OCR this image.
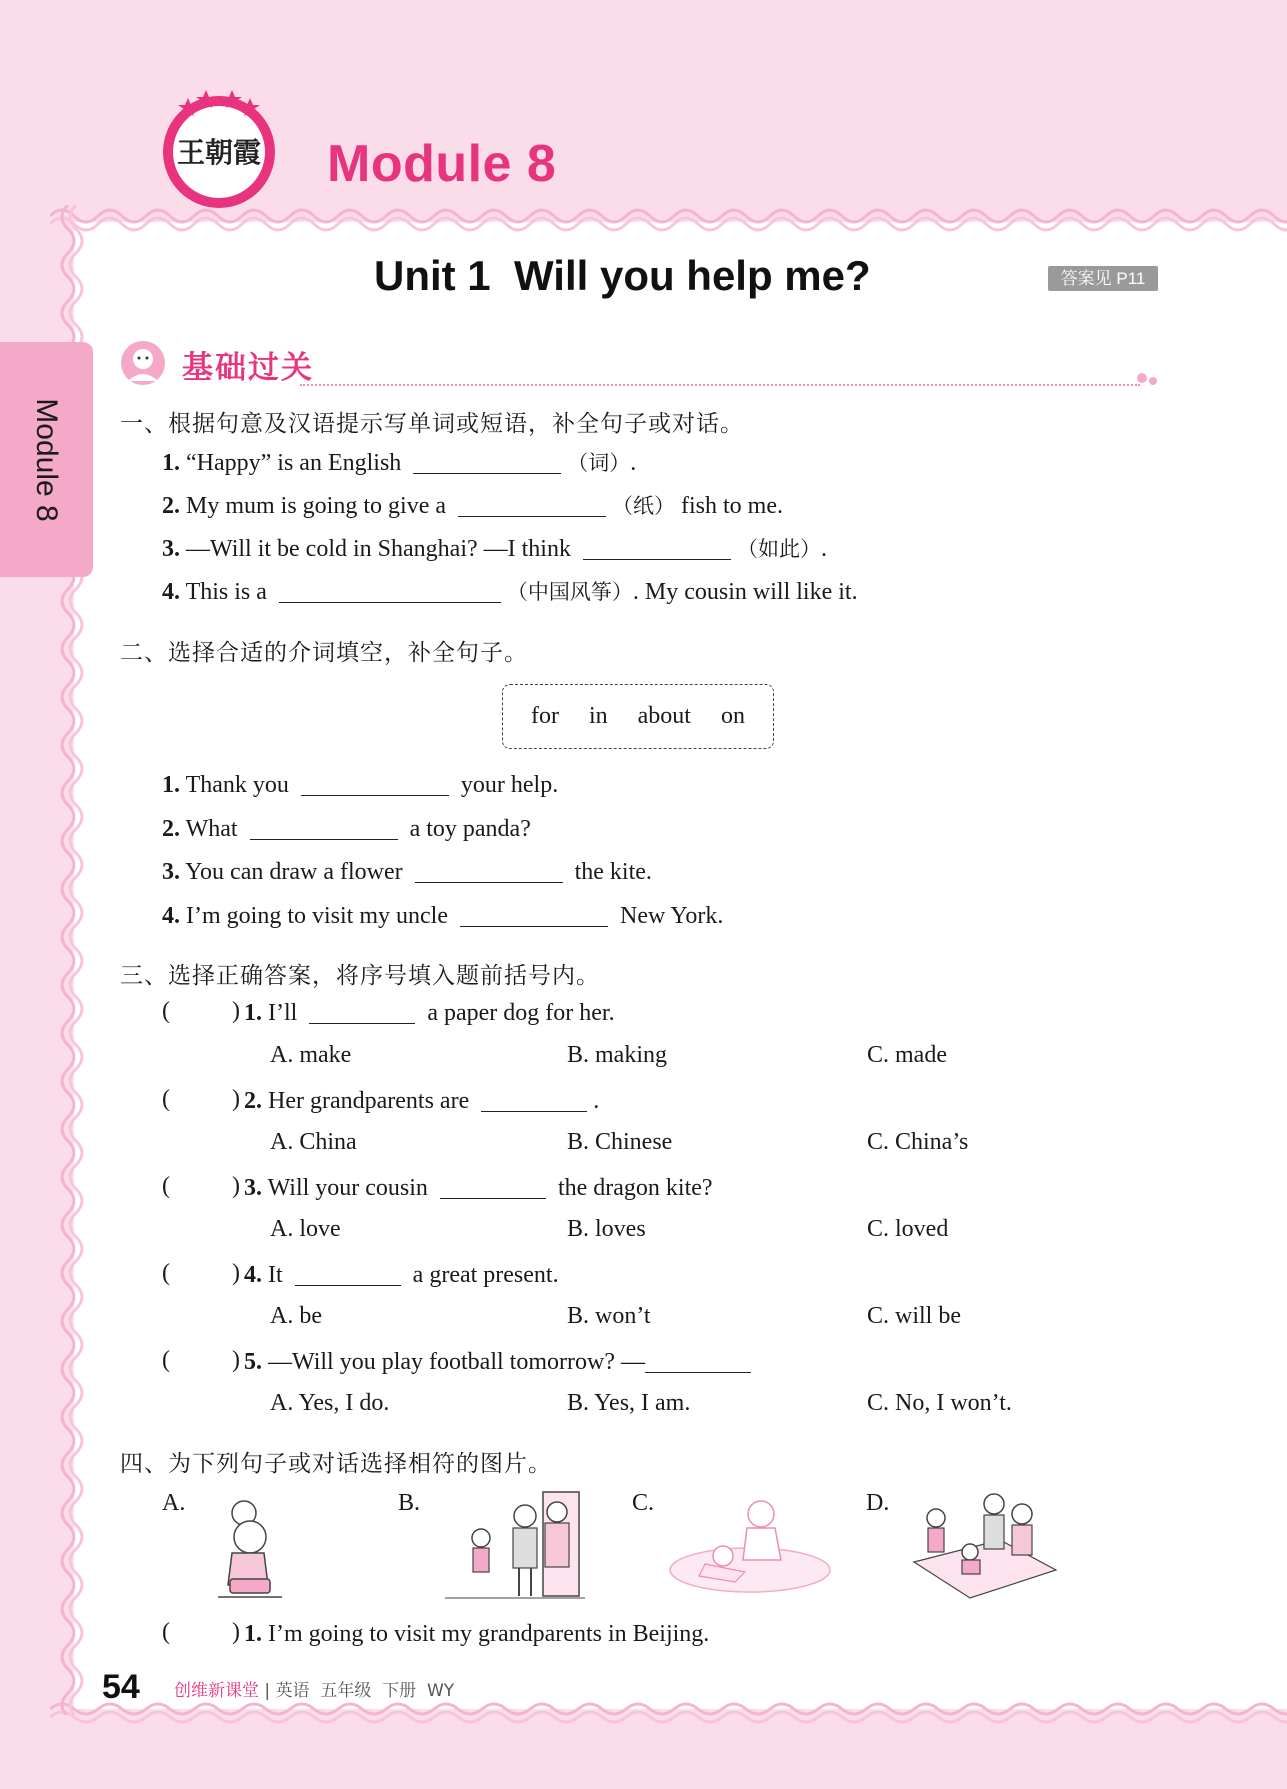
王朝霞 Module 8
Module 8
Unit 1  Will you help me?	答案见 P11
基础过关
一、根据句意及汉语提示写单词或短语，补全句子或对话。
1. “Happy” is an English	（词）.
2. My mum is going to give a	（纸） fish to me.
3. —Will it be cold in Shanghai? —I think	（如此）.
4. This is a	（中国风筝）. My cousin will like it.
二、选择合适的介词填空，补全句子。
for in about on
1. Thank you	your help.
2. What	a toy panda?
3. You can draw a flower	the kite.
4. I’m going to visit my uncle	New York.
三、选择正确答案，将序号填入题前括号内。
(	) 1. I’ll	a paper dog for her.
A. make	B. making	C. made
(	) 2. Her grandparents are	.
A. China	B. Chinese	C. China’s
(	) 3. Will your cousin	the dragon kite?
A. love	B. loves	C. loved
(	) 4. It	a great present.
A. be	B. won’t	C. will be
(	) 5. —Will you play football tomorrow? —
A. Yes, I do.	B. Yes, I am.	C. No, I won’t.
四、为下列句子或对话选择相符的图片。
A.	B.	C.	D.
(	) 1. I’m going to visit my grandparents in Beijing.
54 创维新课堂 | 英语  五年级  下册  WY
